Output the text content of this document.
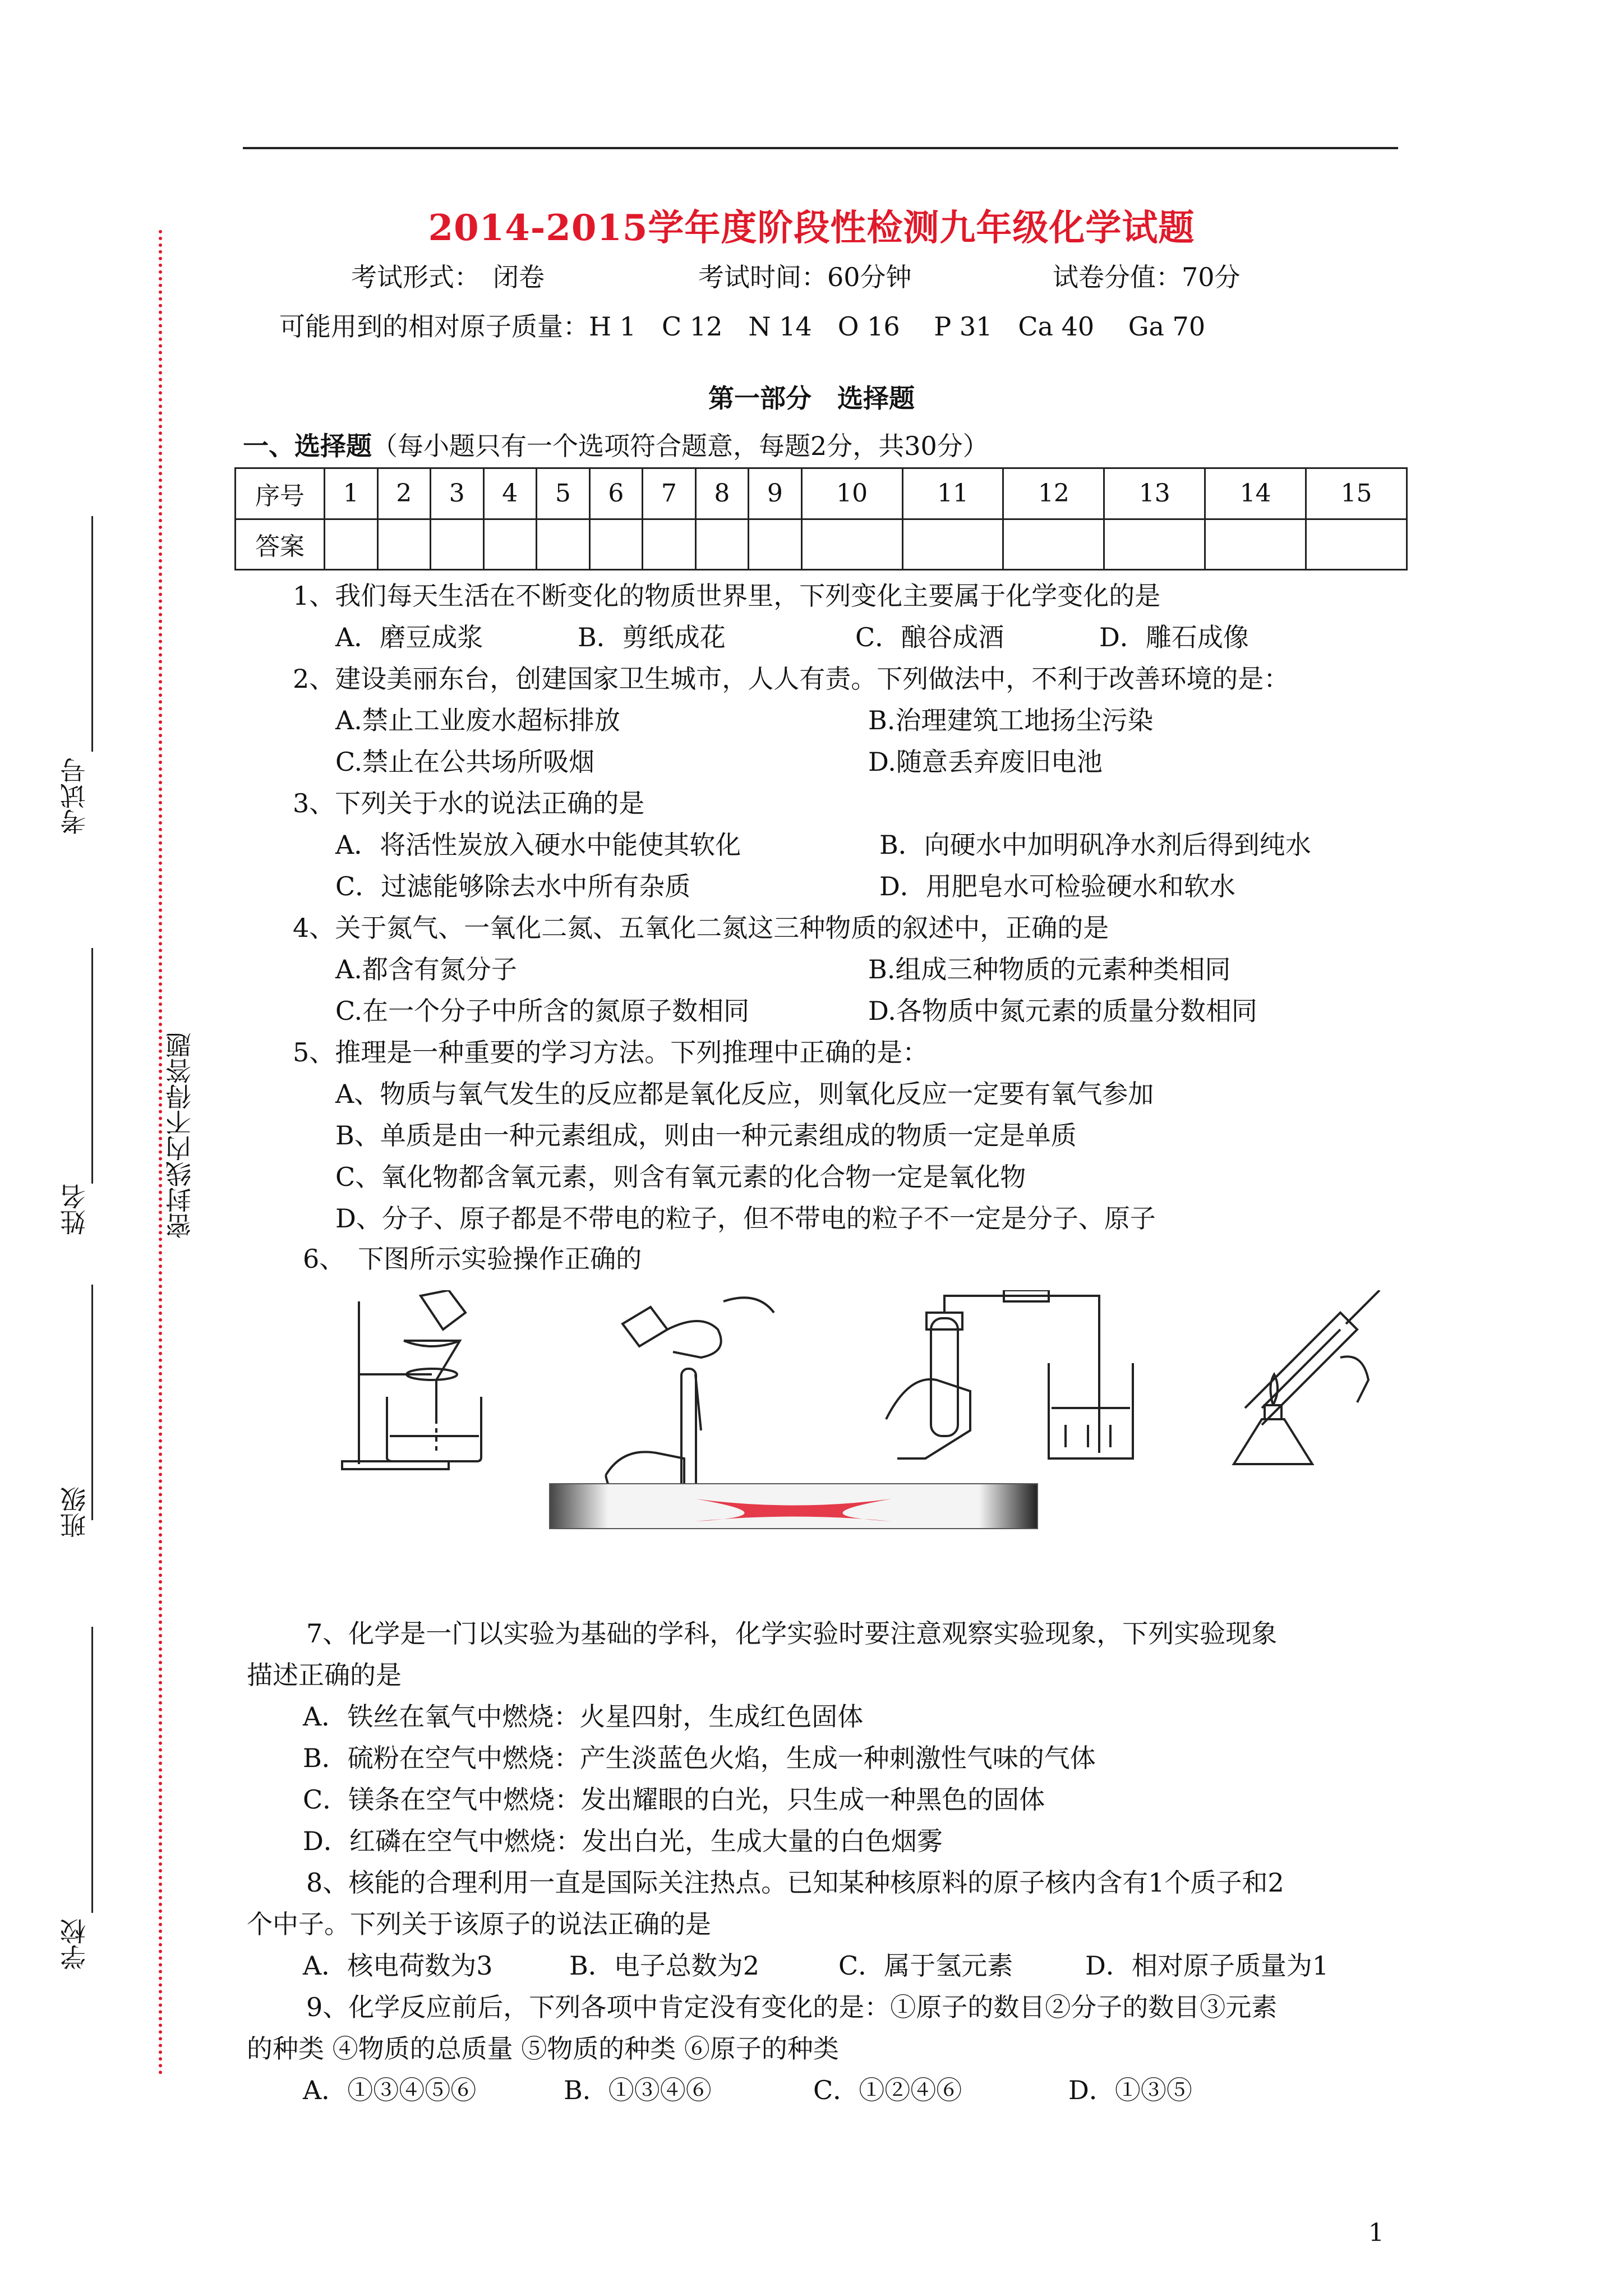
2014-2015学年度阶段性检测九年级化学试题
考试形式：　闭卷	考试时间：60分钟	试卷分值：70分
可能用到的相对原子质量：H 1　C 12　N 14　O 16　 P 31　Ca 40　 Ga 70
第一部分　选择题
一、选择题（每小题只有一个选项符合题意，每题2分，共30分）
序号	1	2	3	4	5	6	7	8	9	10	11	12	13	14	15
答案															
1、我们每天生活在不断变化的物质世界里，下列变化主要属于化学变化的是
A．磨豆成浆	B．剪纸成花	C．酿谷成酒	D．雕石成像
2、建设美丽东台，创建国家卫生城市，人人有责。下列做法中，不利于改善环境的是：
A.禁止工业废水超标排放	B.治理建筑工地扬尘污染
C.禁止在公共场所吸烟	D.随意丢弃废旧电池
3、下列关于水的说法正确的是
A．将活性炭放入硬水中能使其软化	B．向硬水中加明矾净水剂后得到纯水
C．过滤能够除去水中所有杂质	D．用肥皂水可检验硬水和软水
4、关于氮气、一氧化二氮、五氧化二氮这三种物质的叙述中，正确的是
A.都含有氮分子	B.组成三种物质的元素种类相同
C.在一个分子中所含的氮原子数相同	D.各物质中氮元素的质量分数相同
5、推理是一种重要的学习方法。下列推理中正确的是：
A、物质与氧气发生的反应都是氧化反应，则氧化反应一定要有氧气参加
B、单质是由一种元素组成，则由一种元素组成的物质一定是单质
C、氧化物都含氧元素，则含有氧元素的化合物一定是氧化物
D、分子、原子都是不带电的粒子，但不带电的粒子不一定是分子、原子
6、　下图所示实验操作正确的
7、化学是一门以实验为基础的学科，化学实验时要注意观察实验现象，下列实验现象
描述正确的是
A．铁丝在氧气中燃烧：火星四射，生成红色固体
B．硫粉在空气中燃烧：产生淡蓝色火焰，生成一种刺激性气味的气体
C．镁条在空气中燃烧：发出耀眼的白光，只生成一种黑色的固体
D．红磷在空气中燃烧：发出白光，生成大量的白色烟雾
8、核能的合理利用一直是国际关注热点。已知某种核原料的原子核内含有1个质子和2
个中子。下列关于该原子的说法正确的是
A．核电荷数为3	B．电子总数为2	C．属于氢元素	D．相对原子质量为1
9、化学反应前后，下列各项中肯定没有变化的是：①原子的数目②分子的数目③元素
的种类 ④物质的总质量 ⑤物质的种类 ⑥原子的种类
A．①③④⑤⑥	B．①③④⑥	C．①②④⑥	D．①③⑤
考试号
姓名
班级
学校
密封线内不得答题
1
